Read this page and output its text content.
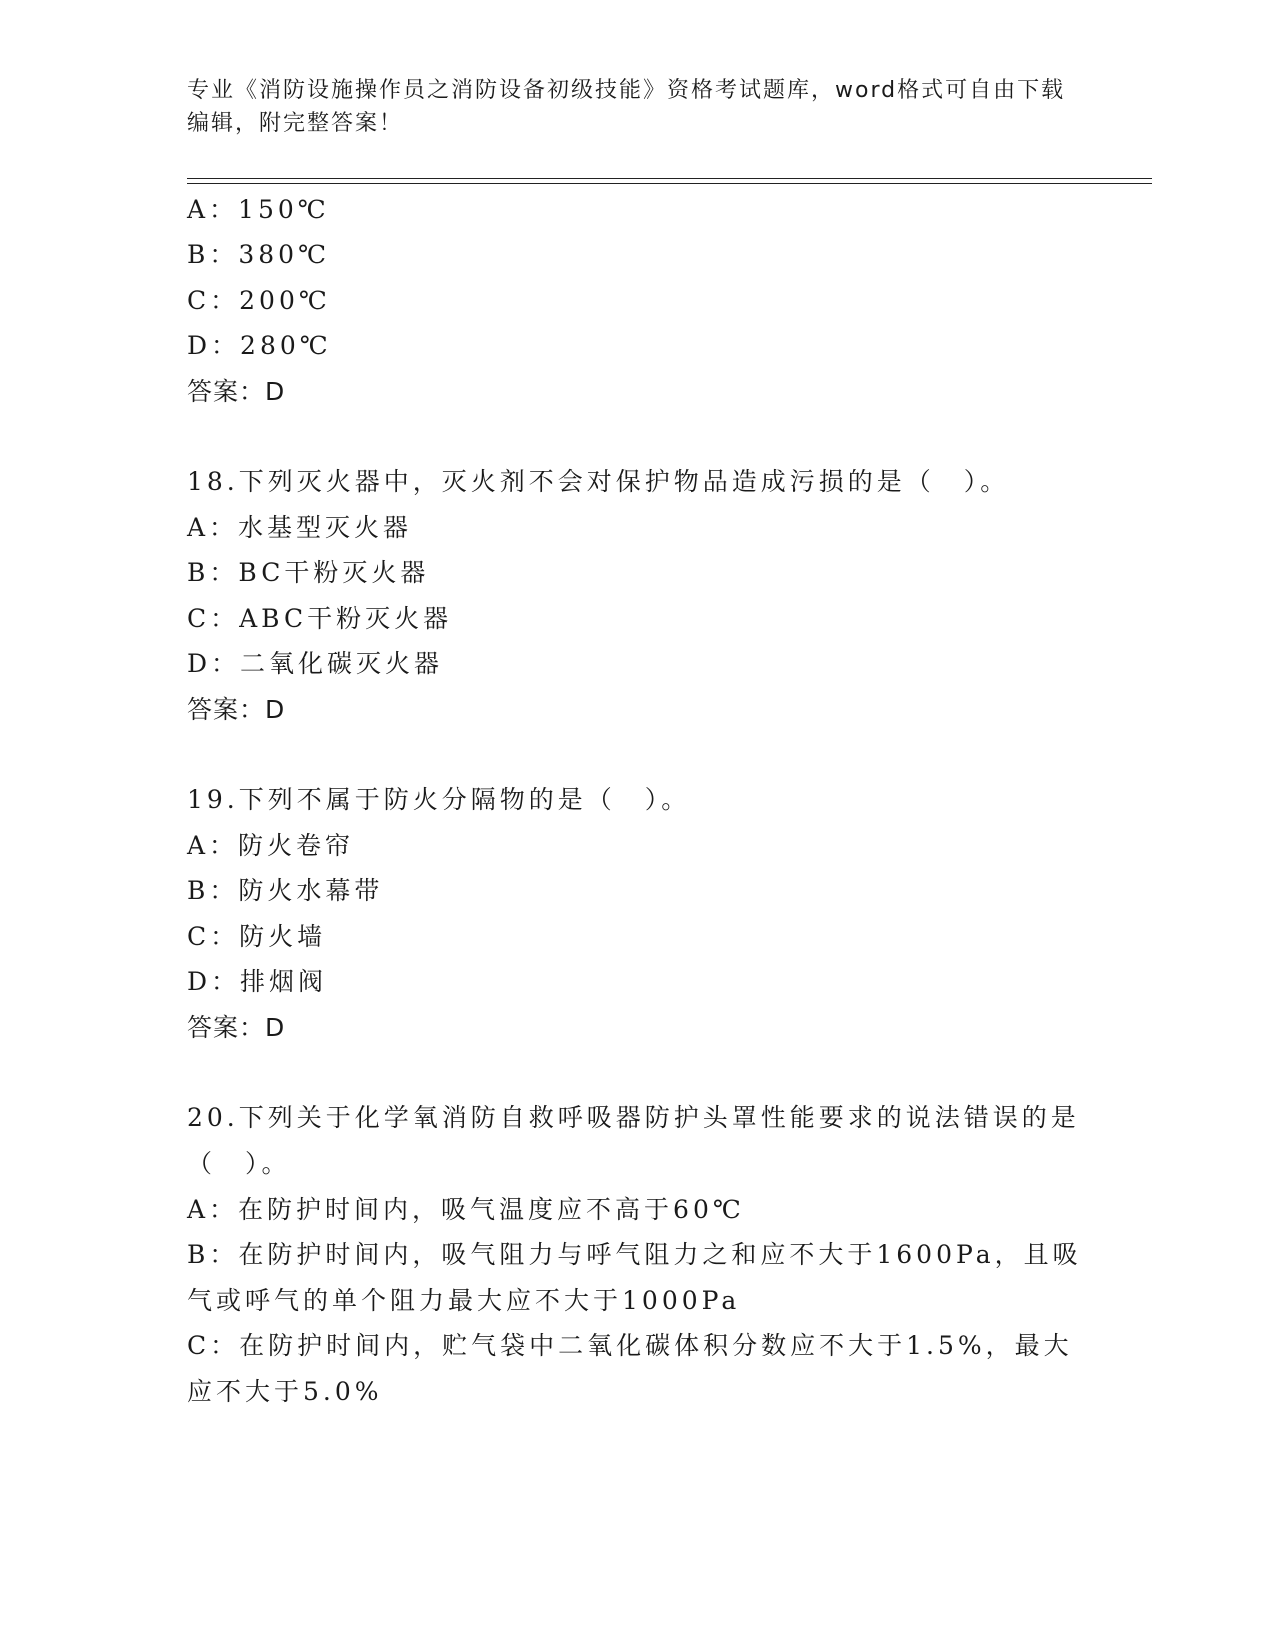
专业《消防设施操作员之消防设备初级技能》资格考试题库，word格式可自由下载编辑，附完整答案！
A：150℃
B：380℃
C：200℃
D：280℃
答案：D
18.下列灭火器中，灭火剂不会对保护物品造成污损的是（　）。
A：水基型灭火器
B：BC干粉灭火器
C：ABC干粉灭火器
D：二氧化碳灭火器
答案：D
19.下列不属于防火分隔物的是（　）。
A：防火卷帘
B：防火水幕带
C：防火墙
D：排烟阀
答案：D
20.下列关于化学氧消防自救呼吸器防护头罩性能要求的说法错误的是（　）。
A：在防护时间内，吸气温度应不高于60℃
B：在防护时间内，吸气阻力与呼气阻力之和应不大于1600Pa，且吸气或呼气的单个阻力最大应不大于1000Pa
C：在防护时间内，贮气袋中二氧化碳体积分数应不大于1.5%，最大应不大于5.0%
